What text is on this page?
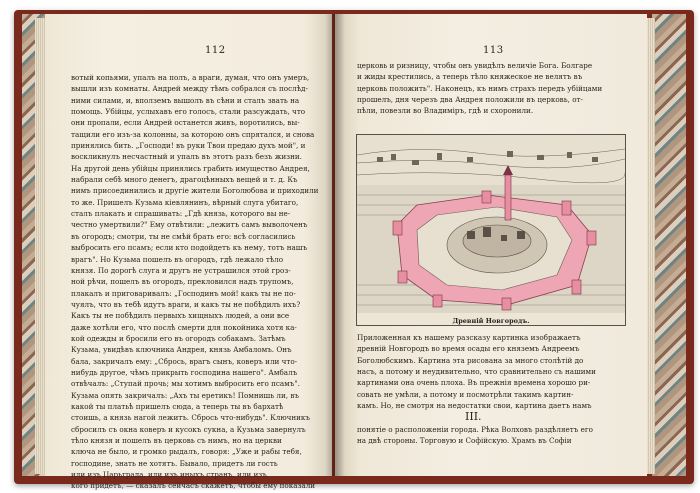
112
вотый копьями, упалъ на полъ, а враги, думая, что онъ умеръ,
вышли изъ комнаты. Андрей между тѣмъ собрался съ послѣд-
ними силами, и, вполземъ вышолъ въ сѣни и сталъ звать на
помощь. Убійцы, услыхавъ его голосъ, стали разсуждать, что
они пропали, если Андрей останется живъ, воротились, вы-
тащили его изъ-за колонны, за которою онъ спрятался, и снова
принялись бить. „Господи! въ руки Твои предаю духъ мой", и
воскликнулъ несчастный и упалъ въ этотъ разъ безъ жизни.
На другой день убійцы принялись грабить имущество Андрея,
набрали себѣ много денегъ, драгоцѣнныхъ вещей и т. д. Къ
нимъ присоединились и другіе жители Боголюбова и приходили
то же. Пришелъ Кузьма кіевлянинъ, вѣрный слуга убитаго,
сталъ плакать и спрашивать: „Гдѣ князь, которого вы не-
честно умертвили?" Ему отвѣтили: „лежитъ самъ выволоченъ
въ огородъ; смотри, ты не смѣй брать его: всѣ согласились
выбросить его псамъ; если кто подойдетъ къ нему, тотъ нашъ
врагъ". Но Кузьма пошелъ въ огородъ, гдѣ лежало тѣло
князя. По дорогѣ слуга и другъ не устрашился этой гроз-
ной рѣчи, пошелъ въ огородъ, прекловился надъ трупомъ,
плакалъ и приговаривалъ: „Господинъ мой! какъ ты не по-
чуялъ, что въ тебѣ идутъ враги, и какъ ты не побѣдилъ ихъ?
Какъ ты не побѣдилъ первыхъ хищныхъ людей, а они все
даже хотѣли его, что послѣ смерти для покойника хотя ка-
кой одежды и бросили его въ огородъ собакамъ. Затѣмъ
Кузьма, увидѣвъ ключника Андрея, князь Амбаломъ. Онъ
бала, закричалъ ему: „Сбрось, врагъ сынъ, коверъ или что-
нибудь другое, чѣмъ прикрыть господина нашего". Амбалъ
отвѣчалъ: „Ступай прочь; мы хотимъ выбросить его псамъ".
Кузьма опять закричалъ: „Ахъ ты еретикъ! Помнишь ли, въ
какой ты платьѣ пришелъ сюда, а теперь ты въ бархатѣ
стоишь, а князь нагой лежитъ. Сбрось что-нибудь". Ключникъ
сбросилъ съ окна коверъ и кусокъ сукна, а Кузьма завернулъ
тѣло князя и пошелъ въ церковь съ нимъ, но на церкви
ключа не было, и громко рыдалъ, говоря: „Уже и рабы тебя,
господине, знать не хотятъ. Бывало, придетъ ли гость
или изъ Царьграда, или изъ иныхъ странъ, или изъ
кого придетъ, — сказалъ сейчасъ скажетъ, чтобы ему показали
113
церковь и ризницу, чтобы онъ увидѣлъ величіе Бога. Болгаре
и жиды крестились, а теперь тѣло княжеское не велятъ въ
церковь положить". Наконецъ, къ нимъ страхъ передъ убійцами
прошелъ, дня черезъ два Андрея положили въ церковь, от-
пѣли, повезли во Владиміръ, гдѣ и схоронили.
Древній Новгородъ.
Приложенная къ нашему разсказу картинка изображаетъ
древній Новгородъ во время осады его княземъ Андреемъ
Боголюбскимъ. Картина эта рисована за много столѣтій до
насъ, а потому и неудивительно, что сравнительно съ нашими
картинами она очень плоха. Въ прежнія времена хорошо ри-
совать не умѣли, а потому и посмотрѣли такимъ картин-
камъ. Но, не смотря на недостатки свои, картина даетъ намъ
III.
понятіе о расположеніи города. Рѣка Волховъ раздѣляетъ его
на двѣ стороны. Торговую и Софійскую. Храмъ въ Софіи
